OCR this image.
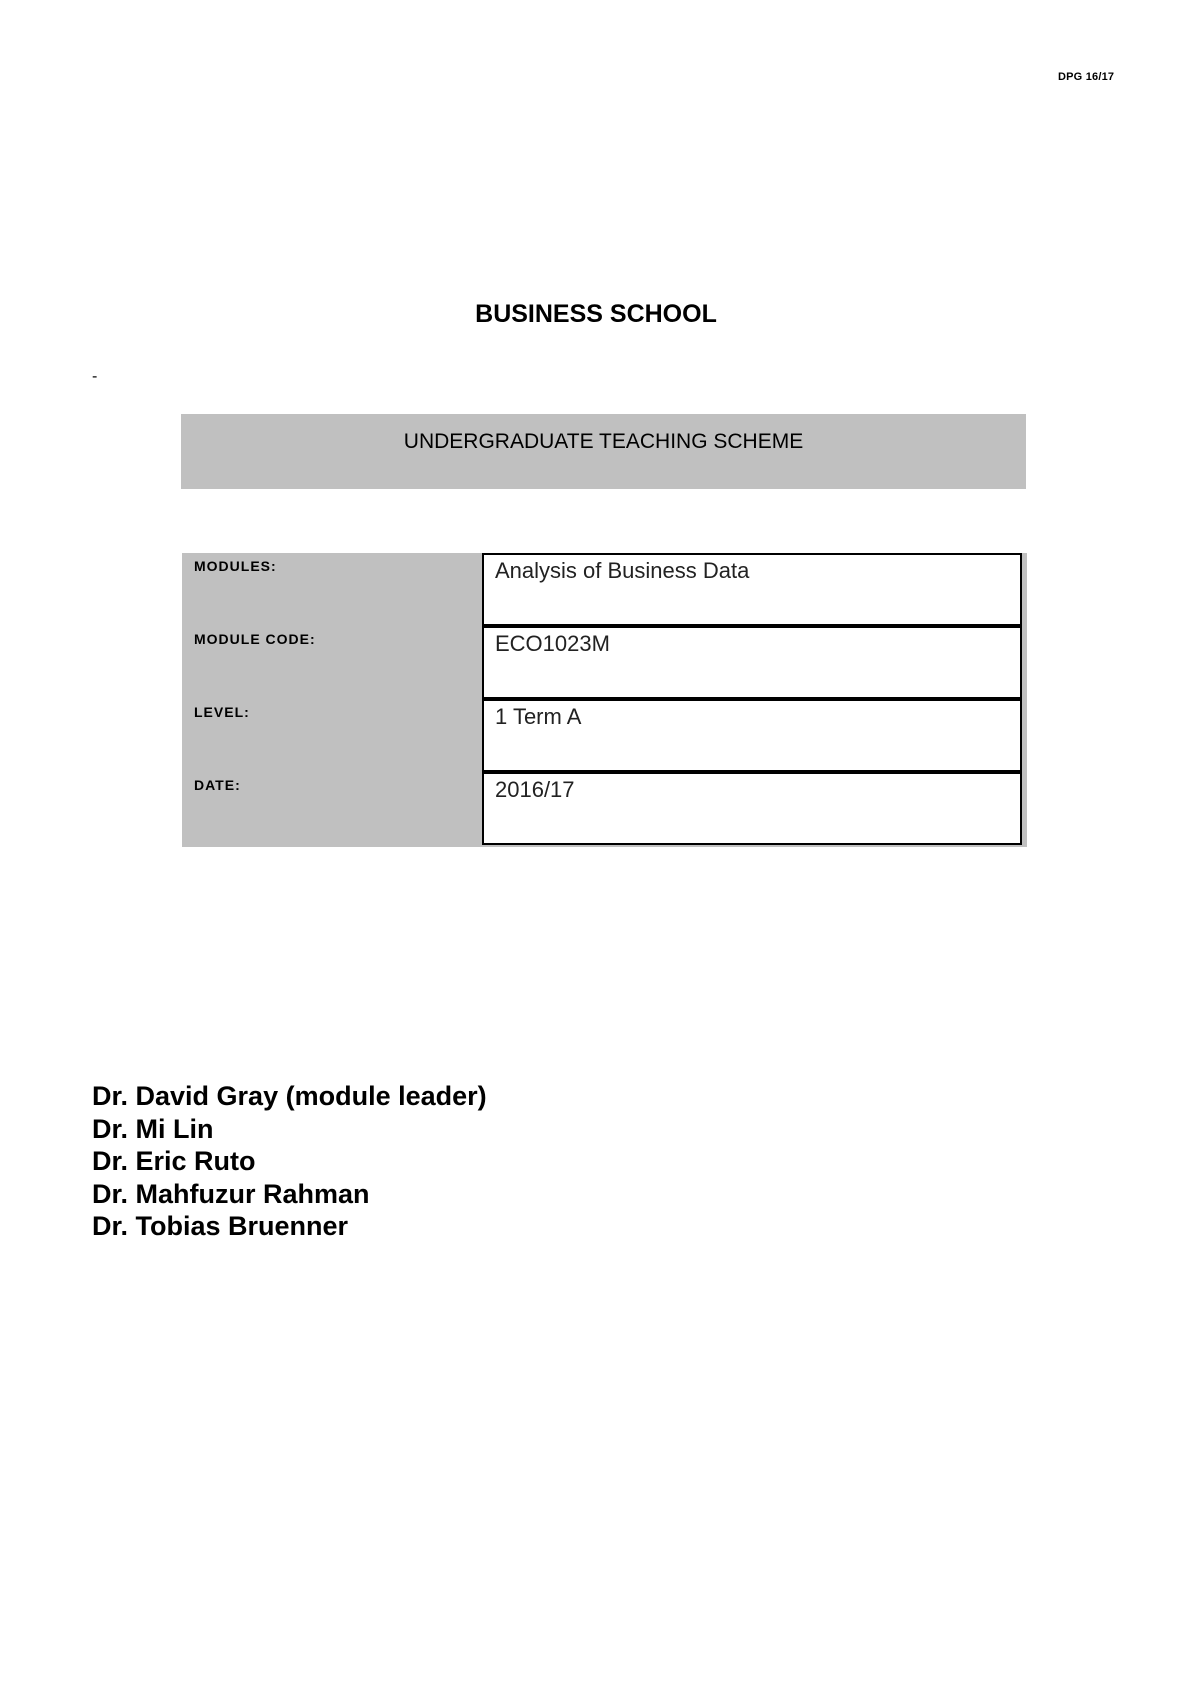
DPG 16/17
BUSINESS SCHOOL
-
UNDERGRADUATE TEACHING SCHEME
MODULES:	Analysis of Business Data
MODULE CODE:	ECO1023M
LEVEL:	1 Term A
DATE:	2016/17
Dr. David Gray (module leader)
Dr. Mi Lin
Dr. Eric Ruto
Dr. Mahfuzur Rahman
Dr. Tobias Bruenner
